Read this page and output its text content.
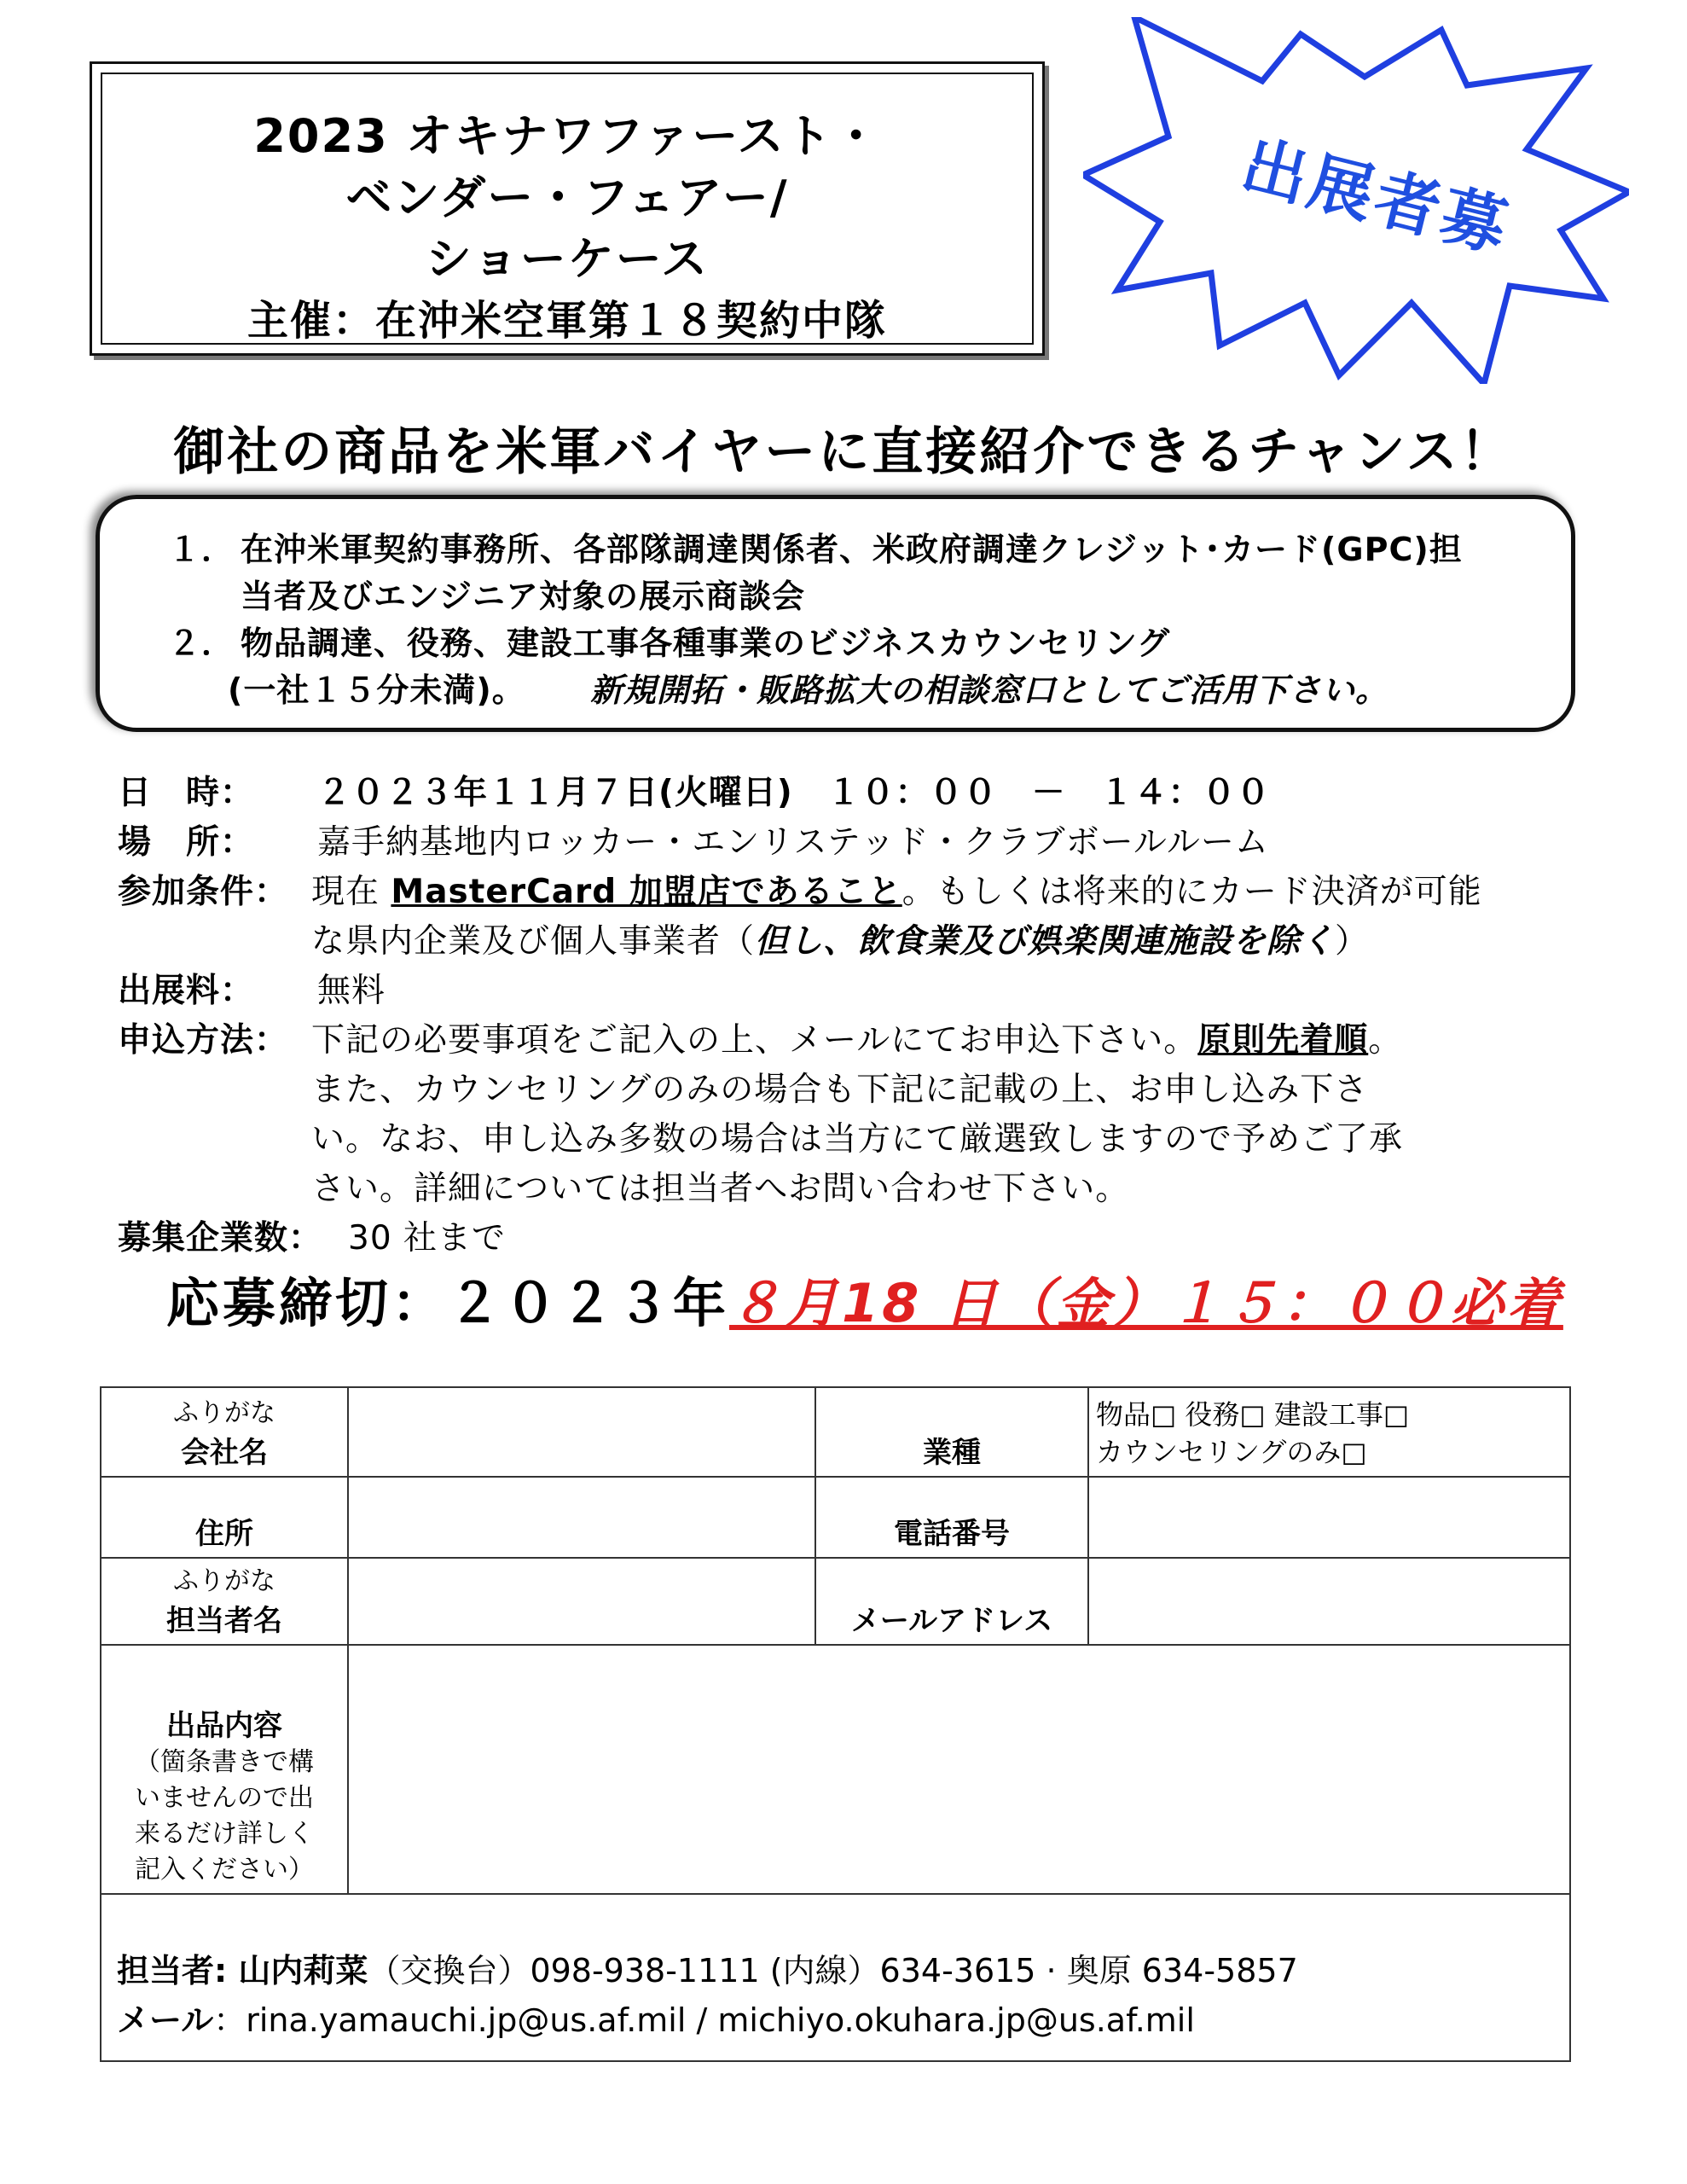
2023 オキナワファースト・
ベンダー・フェアー/
ショーケース
主催：在沖米空軍第１８契約中隊
出展者募
御社の商品を米軍バイヤーに直接紹介できるチャンス！
１． 在沖米軍契約事務所、各部隊調達関係者、米政府調達クレジット･カード(GPC)担
当者及びエンジニア対象の展示商談会
２． 物品調達、役務、建設工事各種事業のビジネスカウンセリング
(一社１５分未満)。 新規開拓・販路拡大の相談窓口としてご活用下さい。
日　時： ２０２３年１１月７日(火曜日)　１０：００　－　１４：００
場　所： 嘉手納基地内ロッカー・エンリステッド・クラブボールルーム
参加条件： 現在 MasterCard 加盟店であること。もしくは将来的にカード決済が可能
な県内企業及び個人事業者（但し、飲食業及び娯楽関連施設を除く）
出展料： 無料
申込方法： 下記の必要事項をご記入の上、メールにてお申込下さい。原則先着順。
また、カウンセリングのみの場合も下記に記載の上、お申し込み下さ
い。なお、申し込み多数の場合は当方にて厳選致しますので予めご了承
さい。詳細については担当者へお問い合わせ下さい。
募集企業数： 30 社まで
応募締切：２０２３年８月18 日（金）１５：００必着
ふりがな
会社名		業種	物品□ 役務□ 建設工事□
カウンセリングのみ□

住所		電話番号	

ふりがな
担当者名		メールアドレス	

出品内容
（箇条書きで構
いませんので出
来るだけ詳しく
記入ください）			

担当者: 山内莉菜（交換台）098-938-1111 (内線）634-3615 · 奥原 634-5857
メール：rina.yamauchi.jp@us.af.mil / michiyo.okuhara.jp@us.af.mil			
